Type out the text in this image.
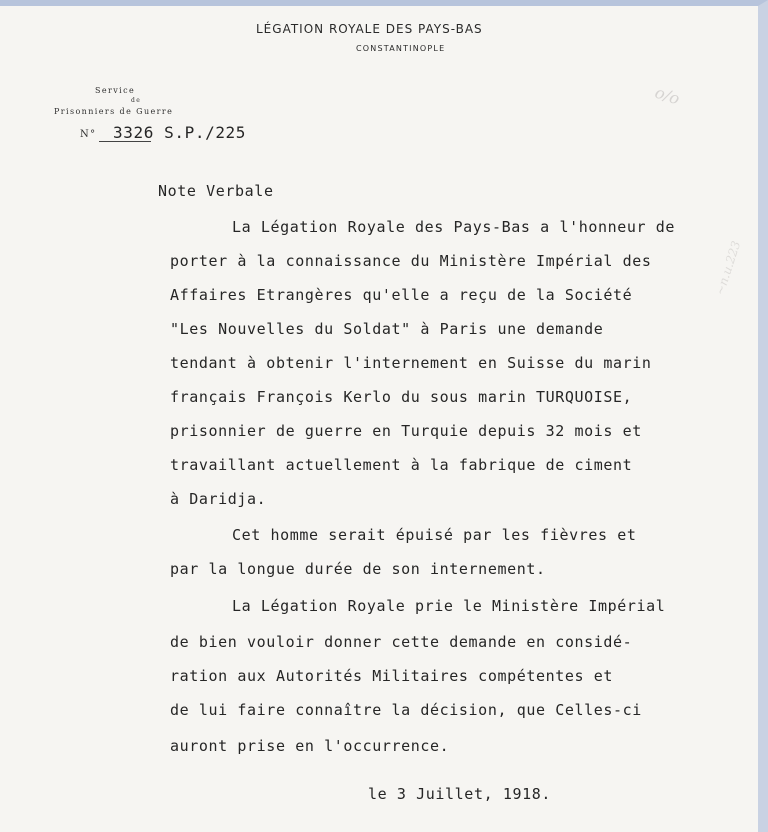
LÉGATION ROYALE DES PAYS-BAS
CONSTANTINOPLE
Service
de
Prisonniers de Guerre
N° 3326 S.P./225
o/o
~n.u.223
Note Verbale
La Légation Royale des Pays-Bas a l'honneur de
porter à la connaissance du Ministère Impérial des
Affaires Etrangères qu'elle a reçu de la Société
"Les Nouvelles du Soldat" à Paris une demande
tendant à obtenir l'internement en Suisse du marin
français François Kerlo du sous marin TURQUOISE,
prisonnier de guerre en Turquie depuis 32 mois et
travaillant actuellement à la fabrique de ciment
à Daridja.
Cet homme serait épuisé par les fièvres et
par la longue durée de son internement.
La Légation Royale prie le Ministère Impérial
de bien vouloir donner cette demande en considé-
ration aux Autorités Militaires compétentes et
de lui faire connaître la décision, que Celles-ci
auront prise en l'occurrence.
le 3 Juillet, 1918.
